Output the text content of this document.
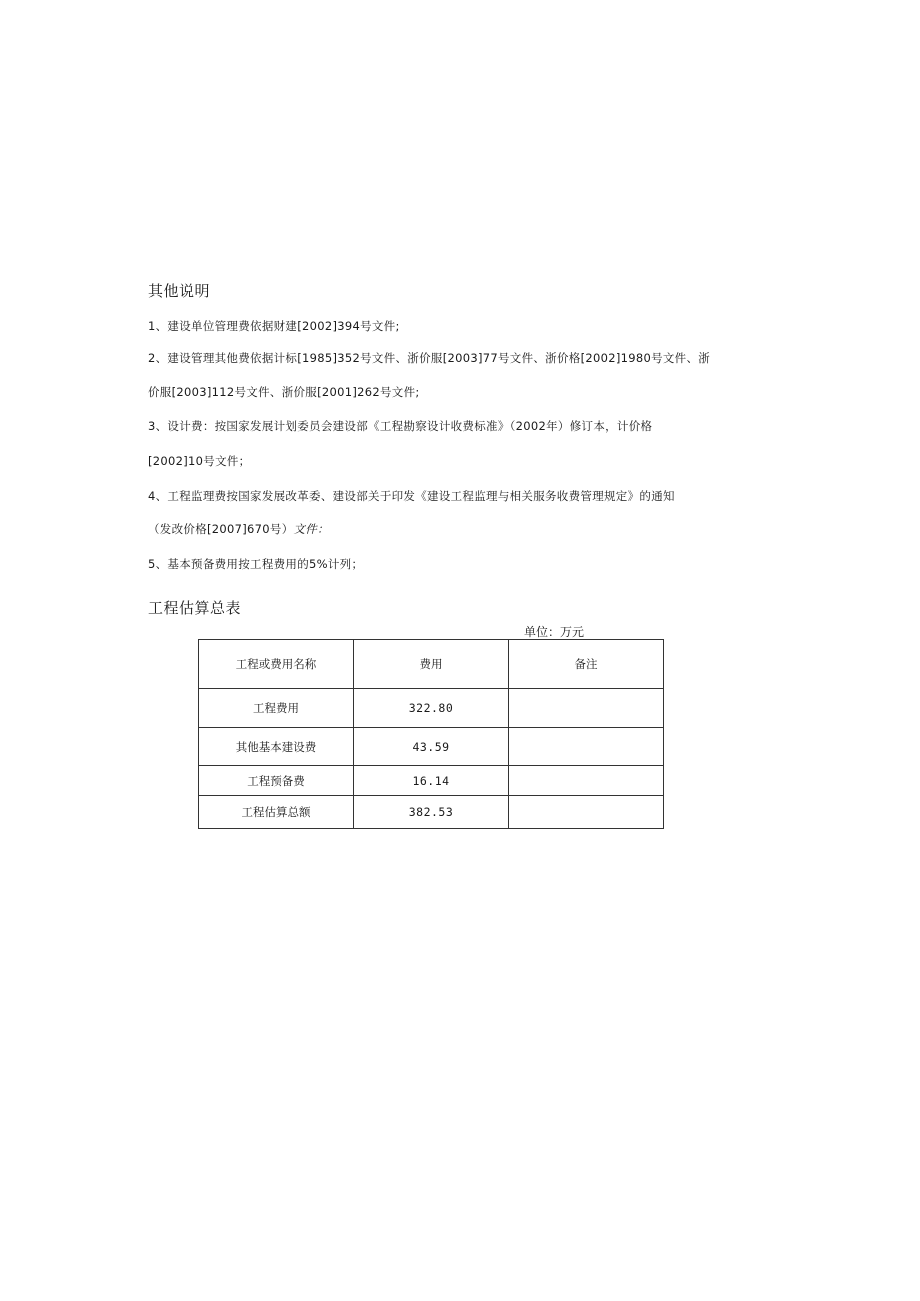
其他说明
1、建设单位管理费依据财建[2002]394号文件;
2、建设管理其他费依据计标[1985]352号文件、浙价服[2003]77号文件、浙价格[2002]1980号文件、浙
价服[2003]112号文件、浙价服[2001]262号文件;
3、设计费：按国家发展计划委员会建设部《工程勘察设计收费标准》（2002年）修订本，计价格
[2002]10号文件；
4、工程监理费按国家发展改革委、建设部关于印发《建设工程监理与相关服务收费管理规定》的通知
（发改价格[2007]670号）文件：
5、基本预备费用按工程费用的5%计列；
工程估算总表
单位：万元
工程或费用名称	费用	备注
工程费用	322.80	
其他基本建设费	43.59	
工程预备费	16.14	
工程估算总额	382.53	
